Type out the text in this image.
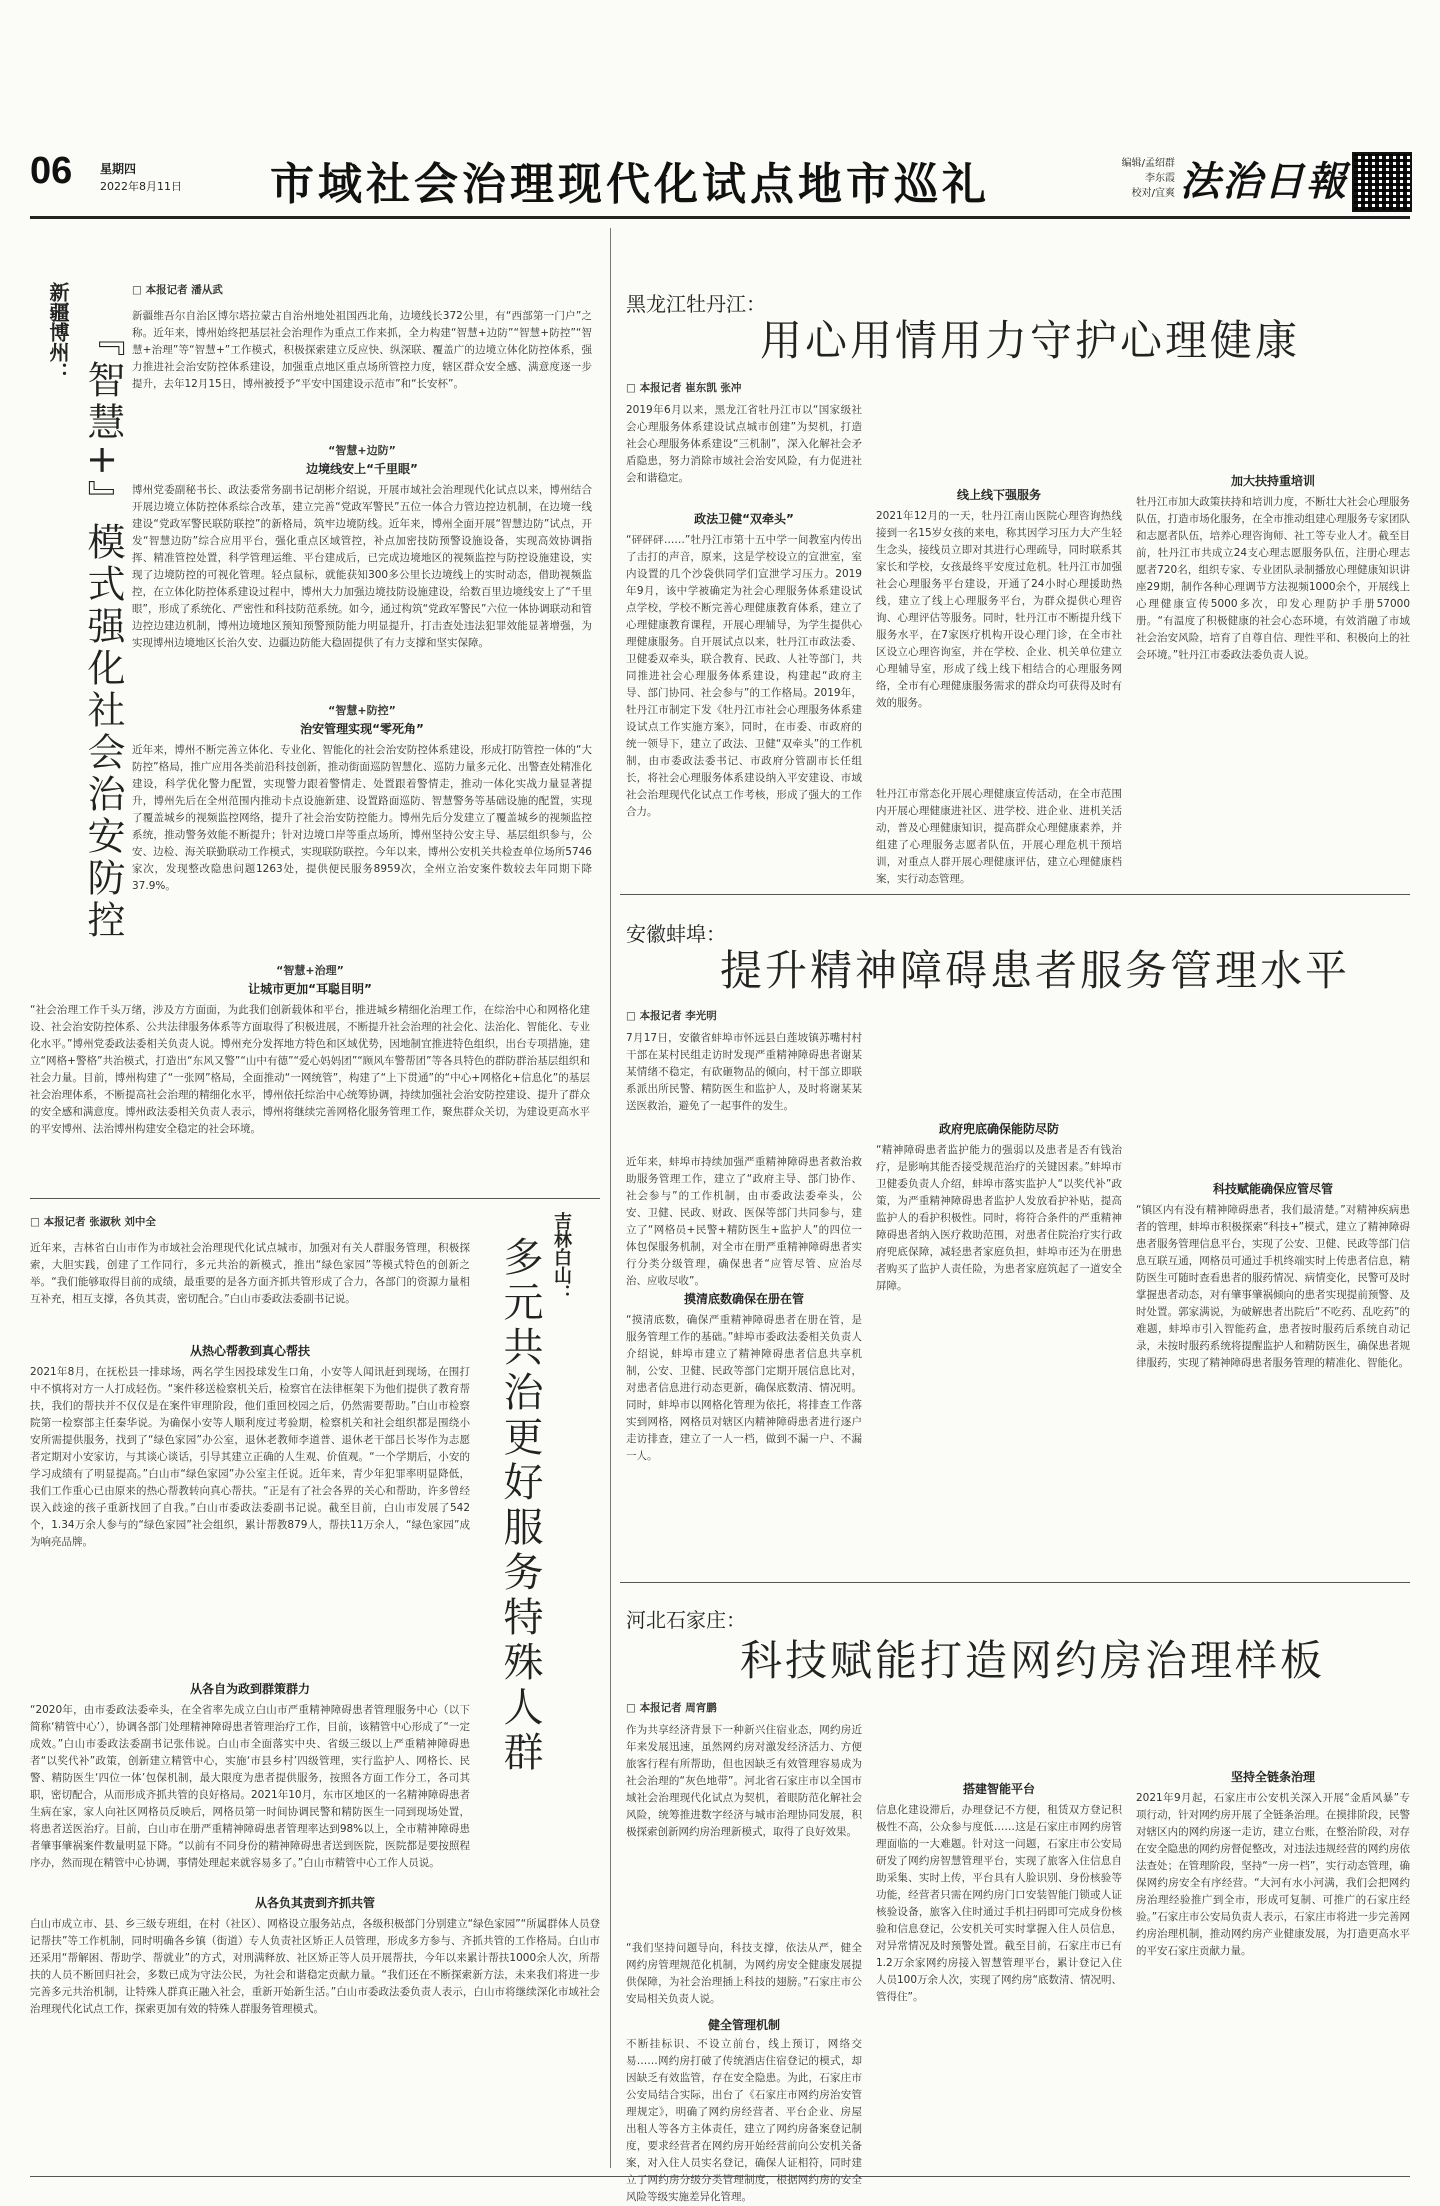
06 星期四
2022年8月11日 市域社会治理现代化试点地市巡礼	编辑/孟绍群
李东霞
校对/宜爽 法治日報
新疆博州： 『智慧+』模式强化社会治安防控
□ 本报记者 潘从武
新疆维吾尔自治区博尔塔拉蒙古自治州地处祖国西北角，边境线长372公里，有“西部第一门户”之称。近年来，博州始终把基层社会治理作为重点工作来抓，全力构建“智慧+边防”“智慧+防控”“智慧+治理”等“智慧+”工作模式，积极探索建立反应快、纵深联、覆盖广的边境立体化防控体系，强力推进社会治安防控体系建设，加强重点地区重点场所管控力度，辖区群众安全感、满意度逐一步提升，去年12月15日，博州被授予“平安中国建设示范市”和“长安杯”。
“智慧+边防”
边境线安上“千里眼”
博州党委副秘书长、政法委常务副书记胡彬介绍说，开展市域社会治理现代化试点以来，博州结合开展边境立体防控体系综合改革，建立完善“党政军警民”五位一体合力管边控边机制，在边境一线建设“党政军警民联防联控”的新格局，筑牢边境防线。近年来，博州全面开展“智慧边防”试点，开发“智慧边防”综合应用平台，强化重点区域管控，补点加密技防预警设施设备，实现高效协调指挥、精准管控处置，科学管理运维、平台建成后，已完成边境地区的视频监控与防控设施建设，实现了边境防控的可视化管理。轻点鼠标，就能获知300多公里长边境线上的实时动态，借助视频监控，在立体化防控体系建设过程中，博州大力加强边境技防设施建设，给数百里边境线安上了“千里眼”，形成了系统化、严密性和科技防范系统。如今，通过构筑“党政军警民”六位一体协调联动和管边控边建边机制，博州边境地区预知预警预防能力明显提升，打击查处违法犯罪效能显著增强，为实现博州边境地区长治久安、边疆边防能大稳固提供了有力支撑和坚实保障。
“智慧+防控”
治安管理实现“零死角”
近年来，博州不断完善立体化、专业化、智能化的社会治安防控体系建设，形成打防管控一体的“大防控”格局，推广应用各类前沿科技创新，推动街面巡防智慧化、巡防力量多元化、出警查处精准化建设，科学优化警力配置，实现警力跟着警情走、处置跟着警情走，推动一体化实战力量显著提升，博州先后在全州范围内推动卡点设施新建、设置路面巡防、智慧警务等基础设施的配置，实现了覆盖城乡的视频监控网络，提升了社会治安防控能力。博州先后分发建立了覆盖城乡的视频监控系统，推动警务效能不断提升；针对边境口岸等重点场所，博州坚持公安主导、基层组织参与，公安、边检、海关联勤联动工作模式，实现联防联控。今年以来，博州公安机关共检查单位场所5746家次，发现整改隐患问题1263处，提供便民服务8959次，全州立治安案件数较去年同期下降37.9%。
“智慧+治理”
让城市更加“耳聪目明”
“社会治理工作千头万绪，涉及方方面面，为此我们创新载体和平台，推进城乡精细化治理工作，在综治中心和网格化建设、社会治安防控体系、公共法律服务体系等方面取得了积极进展，不断提升社会治理的社会化、法治化、智能化、专业化水平。”博州党委政法委相关负责人说。博州充分发挥地方特色和区域优势，因地制宜推进特色组织，出台专项措施，建立“网格+警格”共治模式，打造出“东风又警”“山中有德”“爱心妈妈团”“顾风车警帮团”等各具特色的群防群治基层组织和社会力量。目前，博州构建了“一张网”格局，全面推动“一网统管”，构建了“上下贯通”的“中心+网格化+信息化”的基层社会治理体系，不断提高社会治理的精细化水平，博州依托综治中心统筹协调，持续加强社会治安防控建设、提升了群众的安全感和满意度。博州政法委相关负责人表示，博州将继续完善网格化服务管理工作，聚焦群众关切，为建设更高水平的平安博州、法治博州构建安全稳定的社会环境。
□ 本报记者 张淑秋 刘中全	吉林白山：
多元共治更好服务特殊人群
近年来，吉林省白山市作为市域社会治理现代化试点城市，加强对有关人群服务管理，积极探索，大胆实践，创建了工作同行，多元共治的新模式，推出“绿色家园”等模式特色的创新之举。“我们能够取得目前的成绩，最重要的是各方面齐抓共管形成了合力，各部门的资源力量相互补充，相互支撑，各负其责，密切配合。”白山市委政法委副书记说。
从热心帮教到真心帮扶
2021年8月，在抚松县一排球场，两名学生因投球发生口角，小安等人闻讯赶到现场，在围打中不慎将对方一人打成轻伤。“案件移送检察机关后，检察官在法律框架下为他们提供了教育帮扶，我们的帮扶并不仅仅是在案件审理阶段，他们重回校园之后，仍然需要帮助。”白山市检察院第一检察部主任秦华说。为确保小安等人顺利度过考验期，检察机关和社会组织都是围绕小安所需提供服务，找到了“绿色家园”办公室，退休老教师李道普、退休老干部吕长岑作为志愿者定期对小安家访，与其谈心谈话，引导其建立正确的人生观、价值观。“一个学期后，小安的学习成绩有了明显提高。”白山市“绿色家园”办公室主任说。近年来，青少年犯罪率明显降低，我们工作重心已由原来的热心帮教转向真心帮扶。“正是有了社会各界的关心和帮助，许多曾经误入歧途的孩子重新找回了自我。”白山市委政法委副书记说。截至目前，白山市发展了542个，1.34万余人参与的“绿色家园”社会组织，累计帮教879人，帮扶11万余人，“绿色家园”成为响亮品牌。
从各自为政到群策群力
“2020年，由市委政法委牵头，在全省率先成立白山市严重精神障碍患者管理服务中心（以下简称‘精管中心’），协调各部门处理精神障碍患者管理治疗工作，目前，该精管中心形成了“一定成效。”白山市委政法委副书记张伟说。白山市全面落实中央、省级三级以上严重精神障碍患者“以奖代补”政策，创新建立精管中心，实施‘市县乡村’四级管理，实行监护人、网格长、民警、精防医生‘四位一体’包保机制，最大限度为患者提供服务，按照各方面工作分工，各司其职，密切配合，从而形成齐抓共管的良好格局。2021年10月，东市区地区的一名精神障碍患者生病在家，家人向社区网格员反映后，网格员第一时间协调民警和精防医生一同到现场处置，将患者送医治疗。目前，白山市在册严重精神障碍患者管理率达到98%以上，全市精神障碍患者肇事肇祸案件数量明显下降。“以前有不同身份的精神障碍患者送到医院，医院都是要按照程序办，然而现在精管中心协调，事情处理起来就容易多了。”白山市精管中心工作人员说。
从各负其责到齐抓共管
白山市成立市、县、乡三级专班组，在村（社区）、网格设立服务站点，各级积极部门分别建立“绿色家园”“所属群体人员登记帮扶”等工作机制，同时明确各乡镇（街道）专人负责社区矫正人员管理，形成多方参与、齐抓共管的工作格局。白山市还采用“帮解困、帮助学、帮就业”的方式，对刑满释放、社区矫正等人员开展帮扶，今年以来累计帮扶1000余人次，所帮扶的人员不断回归社会，多数已成为守法公民，为社会和谐稳定贡献力量。“我们还在不断探索新方法，未来我们将进一步完善多元共治机制，让特殊人群真正融入社会，重新开始新生活。”白山市委政法委负责人表示，白山市将继续深化市域社会治理现代化试点工作，探索更加有效的特殊人群服务管理模式。
黑龙江牡丹江：
用心用情用力守护心理健康
□ 本报记者 崔东凯 张冲
2019年6月以来，黑龙江省牡丹江市以“国家级社会心理服务体系建设试点城市创建”为契机，打造社会心理服务体系建设“三机制”，深入化解社会矛盾隐患，努力消除市域社会治安风险，有力促进社会和谐稳定。
政法卫健“双牵头”
“砰砰砰……”牡丹江市第十五中学一间教室内传出了击打的声音，原来，这是学校设立的宣泄室，室内设置的几个沙袋供同学们宣泄学习压力。2019年9月，该中学被确定为社会心理服务体系建设试点学校，学校不断完善心理健康教育体系，建立了心理健康教育课程，开展心理辅导，为学生提供心理健康服务。自开展试点以来，牡丹江市政法委、卫健委双牵头，联合教育、民政、人社等部门，共同推进社会心理服务体系建设，构建起“政府主导、部门协同、社会参与”的工作格局。2019年，牡丹江市制定下发《牡丹江市社会心理服务体系建设试点工作实施方案》，同时，在市委、市政府的统一领导下，建立了政法、卫健“双牵头”的工作机制，由市委政法委书记、市政府分管副市长任组长，将社会心理服务体系建设纳入平安建设、市域社会治理现代化试点工作考核，形成了强大的工作合力。
线上线下强服务
2021年12月的一天，牡丹江南山医院心理咨询热线接到一名15岁女孩的来电，称其因学习压力大产生轻生念头，接线员立即对其进行心理疏导，同时联系其家长和学校，女孩最终平安度过危机。牡丹江市加强社会心理服务平台建设，开通了24小时心理援助热线，建立了线上心理服务平台，为群众提供心理咨询、心理评估等服务。同时，牡丹江市不断提升线下服务水平，在7家医疗机构开设心理门诊，在全市社区设立心理咨询室，并在学校、企业、机关单位建立心理辅导室，形成了线上线下相结合的心理服务网络，全市有心理健康服务需求的群众均可获得及时有效的服务。
牡丹江市常态化开展心理健康宣传活动，在全市范围内开展心理健康进社区、进学校、进企业、进机关活动，普及心理健康知识，提高群众心理健康素养，并组建了心理服务志愿者队伍，开展心理危机干预培训，对重点人群开展心理健康评估，建立心理健康档案，实行动态管理。
加大扶持重培训
牡丹江市加大政策扶持和培训力度，不断壮大社会心理服务队伍，打造市场化服务，在全市推动组建心理服务专家团队和志愿者队伍，培养心理咨询师、社工等专业人才。截至目前，牡丹江市共成立24支心理志愿服务队伍，注册心理志愿者720名，组织专家、专业团队录制播放心理健康知识讲座29期，制作各种心理调节方法视频1000余个，开展线上心理健康宣传5000多次，印发心理防护手册57000册。“有温度了积极健康的社会心态环境，有效消融了市域社会治安风险，培育了自尊自信、理性平和、积极向上的社会环境。”牡丹江市委政法委负责人说。
安徽蚌埠：
提升精神障碍患者服务管理水平
□ 本报记者 李光明
7月17日，安徽省蚌埠市怀远县白莲坡镇苏嘴村村干部在某村民组走访时发现严重精神障碍患者谢某某情绪不稳定，有砍砸物品的倾向，村干部立即联系派出所民警、精防医生和监护人，及时将谢某某送医救治，避免了一起事件的发生。
近年来，蚌埠市持续加强严重精神障碍患者救治救助服务管理工作，建立了“政府主导、部门协作、社会参与”的工作机制，由市委政法委牵头，公安、卫健、民政、财政、医保等部门共同参与，建立了“网格员+民警+精防医生+监护人”的四位一体包保服务机制，对全市在册严重精神障碍患者实行分类分级管理，确保患者“应管尽管、应治尽治、应收尽收”。
摸清底数确保在册在管
“摸清底数，确保严重精神障碍患者在册在管，是服务管理工作的基础。”蚌埠市委政法委相关负责人介绍说，蚌埠市建立了精神障碍患者信息共享机制，公安、卫健、民政等部门定期开展信息比对，对患者信息进行动态更新，确保底数清、情况明。同时，蚌埠市以网格化管理为依托，将排查工作落实到网格，网格员对辖区内精神障碍患者进行逐户走访排查，建立了一人一档，做到不漏一户、不漏一人。
政府兜底确保能防尽防
“精神障碍患者监护能力的强弱以及患者是否有钱治疗，是影响其能否接受规范治疗的关键因素。”蚌埠市卫健委负责人介绍，蚌埠市落实监护人“以奖代补”政策，为严重精神障碍患者监护人发放看护补贴，提高监护人的看护积极性。同时，将符合条件的严重精神障碍患者纳入医疗救助范围，对患者住院治疗实行政府兜底保障，减轻患者家庭负担，蚌埠市还为在册患者购买了监护人责任险，为患者家庭筑起了一道安全屏障。
科技赋能确保应管尽管
“镇区内有没有精神障碍患者，我们最清楚。”对精神疾病患者的管理，蚌埠市积极探索“科技+”模式，建立了精神障碍患者服务管理信息平台，实现了公安、卫健、民政等部门信息互联互通，网格员可通过手机终端实时上传患者信息，精防医生可随时查看患者的服药情况、病情变化，民警可及时掌握患者动态，对有肇事肇祸倾向的患者实现提前预警、及时处置。郭家满说，为破解患者出院后“不吃药、乱吃药”的难题，蚌埠市引入智能药盒，患者按时服药后系统自动记录，未按时服药系统将提醒监护人和精防医生，确保患者规律服药，实现了精神障碍患者服务管理的精准化、智能化。
河北石家庄：
科技赋能打造网约房治理样板
□ 本报记者 周宵鹏
作为共享经济背景下一种新兴住宿业态，网约房近年来发展迅速，虽然网约房对激发经济活力、方便旅客行程有所帮助，但也因缺乏有效管理容易成为社会治理的“灰色地带”。河北省石家庄市以全国市域社会治理现代化试点为契机，着眼防范化解社会风险，统筹推进数字经济与城市治理协同发展，积极探索创新网约房治理新模式，取得了良好效果。
“我们坚持问题导向，科技支撑，依法从严，健全网约房管理规范化机制，为网约房安全健康发展提供保障，为社会治理插上科技的翅膀。”石家庄市公安局相关负责人说。
健全管理机制
不断挂标识、不设立前台，线上预订，网络交易……网约房打破了传统酒店住宿登记的模式，却因缺乏有效监管，存在安全隐患。为此，石家庄市公安局结合实际，出台了《石家庄市网约房治安管理规定》，明确了网约房经营者、平台企业、房屋出租人等各方主体责任，建立了网约房备案登记制度，要求经营者在网约房开始经营前向公安机关备案，对入住人员实名登记，确保人证相符，同时建立了网约房分级分类管理制度，根据网约房的安全风险等级实施差异化管理。
搭建智能平台
信息化建设滞后，办理登记不方便，租赁双方登记积极性不高，公众参与度低……这是石家庄市网约房管理面临的一大难题。针对这一问题，石家庄市公安局研发了网约房智慧管理平台，实现了旅客入住信息自助采集、实时上传，平台具有人脸识别、身份核验等功能，经营者只需在网约房门口安装智能门锁或人证核验设备，旅客入住时通过手机扫码即可完成身份核验和信息登记，公安机关可实时掌握入住人员信息，对异常情况及时预警处置。截至目前，石家庄市已有1.2万余家网约房接入智慧管理平台，累计登记入住人员100万余人次，实现了网约房“底数清、情况明、管得住”。
坚持全链条治理
2021年9月起，石家庄市公安机关深入开展“金盾风暴”专项行动，针对网约房开展了全链条治理。在摸排阶段，民警对辖区内的网约房逐一走访，建立台账，在整治阶段，对存在安全隐患的网约房督促整改，对违法违规经营的网约房依法查处；在管理阶段，坚持“一房一档”，实行动态管理，确保网约房安全有序经营。“大河有水小河满，我们会把网约房治理经验推广到全市，形成可复制、可推广的石家庄经验。”石家庄市公安局负责人表示，石家庄市将进一步完善网约房治理机制，推动网约房产业健康发展，为打造更高水平的平安石家庄贡献力量。
